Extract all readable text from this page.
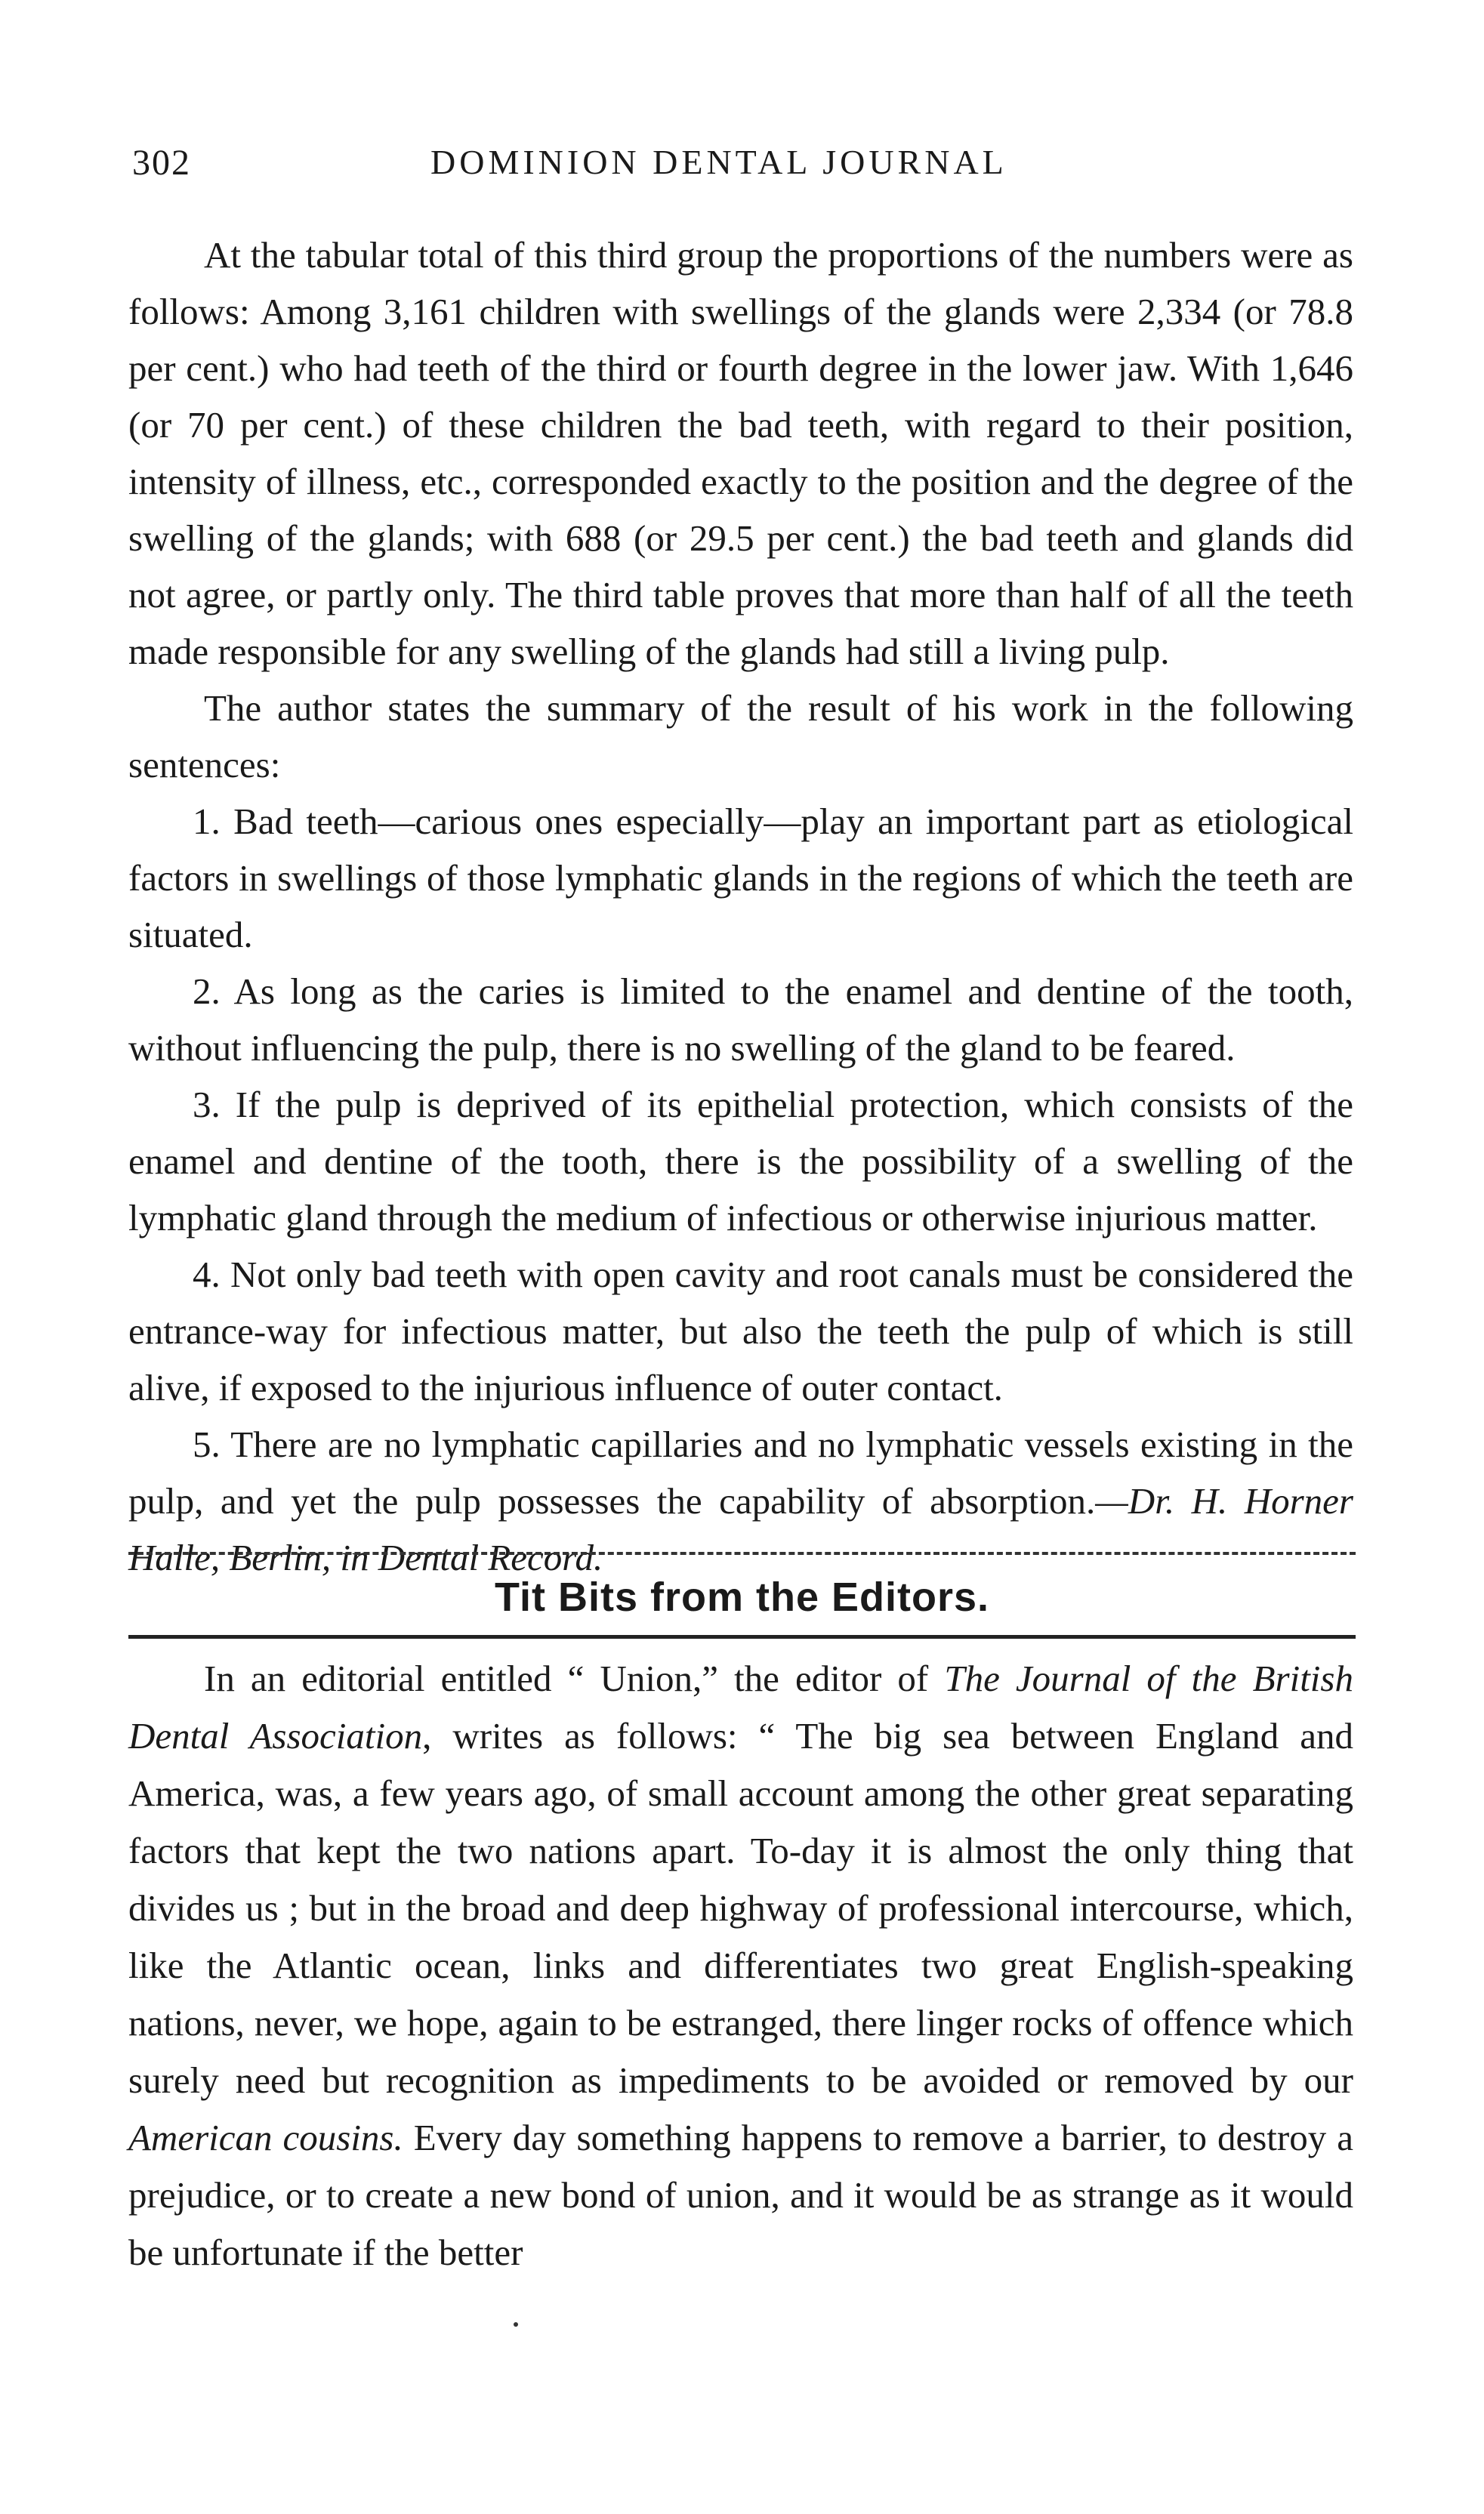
302	DOMINION DENTAL JOURNAL

At the tabular total of this third group the proportions of the numbers were as follows: Among 3,161 children with swellings of the glands were 2,334 (or 78.8 per cent.) who had teeth of the third or fourth degree in the lower jaw. With 1,646 (or 70 per cent.) of these children the bad teeth, with regard to their position, intensity of illness, etc., corresponded exactly to the position and the degree of the swelling of the glands; with 688 (or 29.5 per cent.) the bad teeth and glands did not agree, or partly only. The third table proves that more than half of all the teeth made responsible for any swelling of the glands had still a living pulp.

The author states the summary of the result of his work in the following sentences:

1. Bad teeth—carious ones especially—play an important part as etiological factors in swellings of those lymphatic glands in the regions of which the teeth are situated.

2. As long as the caries is limited to the enamel and dentine of the tooth, without influencing the pulp, there is no swelling of the gland to be feared.

3. If the pulp is deprived of its epithelial protection, which consists of the enamel and dentine of the tooth, there is the possibility of a swelling of the lymphatic gland through the medium of infectious or otherwise injurious matter.

4. Not only bad teeth with open cavity and root canals must be considered the entrance-way for infectious matter, but also the teeth the pulp of which is still alive, if exposed to the injurious influence of outer contact.

5. There are no lymphatic capillaries and no lymphatic vessels existing in the pulp, and yet the pulp possesses the capability of absorption.—Dr. H. Horner Halle, Berlin, in Dental Record.

Tit Bits from the Editors.

In an editorial entitled “ Union,” the editor of The Journal of the British Dental Association, writes as follows: “ The big sea between England and America, was, a few years ago, of small account among the other great separating factors that kept the two nations apart. To-day it is almost the only thing that divides us ; but in the broad and deep highway of professional intercourse, which, like the Atlantic ocean, links and differentiates two great English-speaking nations, never, we hope, again to be estranged, there linger rocks of offence which surely need but recognition as impediments to be avoided or removed by our American cousins. Every day something happens to remove a barrier, to destroy a prejudice, or to create a new bond of union, and it would be as strange as it would be unfortunate if the better
